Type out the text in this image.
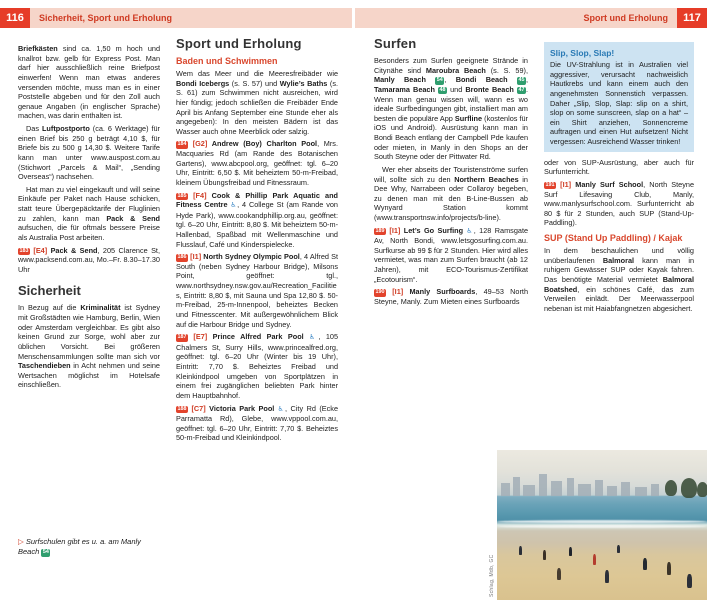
116	Sicherheit, Sport und Erholung	Sport und Erholung	117

Briefkästen sind ca. 1,50 m hoch und knallrot bzw. gelb für Express Post. Man darf hier ausschließlich reine Briefpost einwerfen! Wenn man etwas anderes versenden möchte, muss man es in einer Poststelle abgeben und für den Zoll auch genaue Angaben (in englischer Sprache) machen, was darin enthalten ist.

Das Luftpostporto (ca. 6 Werktage) für einen Brief bis 250 g beträgt 4,10 $, für Briefe bis zu 500 g 14,30 $. Weitere Tarife kann man unter www.auspost.com.au (Stichwort „Parcels & Mail“, „Sending Overseas“) nachsehen.

Hat man zu viel eingekauft und will seine Einkäufe per Paket nach Hause schicken, statt teure Übergepäcktarife der Fluglinien zu zahlen, kann man Pack & Send aufsuchen, die für oftmals bessere Preise als Australia Post arbeiten.

183 [E4] Pack & Send, 205 Clarence St, www.packsend.com.au, Mo.–Fr. 8.30–17.30 Uhr

Sicherheit

In Bezug auf die Kriminalität ist Sydney mit Großstädten wie Hamburg, Berlin, Wien oder Amsterdam vergleichbar. Es gibt also keinen Grund zur Sorge, wohl aber zur üblichen Vorsicht. Bei größeren Menschensammlungen sollte man sich vor Taschendieben in Acht nehmen und seine Wertsachen möglichst im Hotelsafe einschließen.

▷ Surfschulen gibt es u. a. am Manly Beach 54
Sport und Erholung
Baden und Schwimmen

Wem das Meer und die Meeresfreibäder wie Bondi Icebergs (s. S. 57) und Wylie’s Baths (s. S. 61) zum Schwimmen nicht ausreichen, wird hier fündig; jedoch schließen die Freibäder Ende April bis Anfang September eine Stunde eher als angegeben): In den meisten Bädern ist das Wasser auch ohne Meerblick oder salzig.

184 [G2] Andrew (Boy) Charlton Pool, Mrs. Macquaries Rd (am Rande des Botanischen Gartens), www.abcpool.org, geöffnet: tgl. 6–20 Uhr, Eintritt: 6,50 $. Mit beheiztem 50-m-Freibad, kleinem Übungsfreibad und Fitnessraum.

185 [F4] Cook & Phillip Park Aquatic and Fitness Centre ♿, 4 College St (am Rande von Hyde Park), www.cookandphillip.org.au, geöffnet: tgl. 6–20 Uhr, Eintritt: 8,80 $. Mit beheiztem 50-m-Hallenbad, Spaßbad mit Wellenmaschine und Flusslauf, Café und Kinderspielecke.

186 [I1] North Sydney Olympic Pool, 4 Alfred St South (neben Sydney Harbour Bridge), Milsons Point, geöffnet: tgl., www.northsydney.nsw.gov.au/Recreation_Facilities, Eintritt: 8,80 $, mit Sauna und Spa 12,80 $. 50-m-Freibad, 25-m-Innenpool, beheiztes Becken und Fitnesscenter. Mit außergewöhnlichem Blick auf die Harbour Bridge und Sydney.

187 [E7] Prince Alfred Park Pool ♿, 105 Chalmers St, Surry Hills, www.princealfred.org, geöffnet: tgl. 6–20 Uhr (Winter bis 19 Uhr), Eintritt: 7,70 $. Beheiztes Freibad und Kleinkindpool umgeben von Sportplätzen in einem frei zugänglichen beliebten Park hinter dem Hauptbahnhof.

188 [C7] Victoria Park Pool ♿, City Rd (Ecke Parramatta Rd), Glebe, www.vppool.com.au, geöffnet: tgl. 6–20 Uhr, Eintritt: 7,70 $. Beheiztes 50-m-Freibad und Kleinkindpool.

Surfen

Besonders zum Surfen geeignete Strände in Citynähe sind Maroubra Beach (s. S. 59), Manly Beach 54 , Bondi Beach 45 , Tamarama Beach 48 und Bronte Beach 47 . Wenn man genau wissen will, wann es wo ideale Surfbedingungen gibt, installiert man am besten die populäre App Surfline (kostenlos für iOS und Android). Ausrüstung kann man in Bondi Beach entlang der Campbell Pde kaufen oder mieten, in Manly in den Shops an der South Steyne oder der Pittwater Rd.

Wer eher abseits der Touristenströme surfen will, sollte sich zu den Northern Beaches in Dee Why, Narrabeen oder Collaroy begeben, zu denen man mit den B-Line-Bussen ab Wynyard Station kommt (www.transportnsw.info/projects/b-line).

189 [I1] Let’s Go Surfing ♿, 128 Ramsgate Av, North Bondi, www.letsgosurfing.com.au. Surfkurse ab 99 $ für 2 Stunden. Hier wird alles vermietet, was man zum Surfen braucht (ab 12 Jahren), mit ECO-Tourismus-Zertifikat „Ecotourism“.

190 [I1] Manly Surfboards, 49–53 North Steyne, Manly. Zum Mieten eines Surfboards

Slip, Slop, Slap!

Die UV-Strahlung ist in Australien viel aggressiver, verursacht nachweislich Hautkrebs und kann einem auch den angenehmsten Sonnenstich verpassen. Daher „Slip, Slop, Slap: slip on a shirt, slop on some sunscreen, slap on a hat“ – ein Shirt anziehen, Sonnencreme auftragen und einen Hut aufsetzen! Nicht vergessen: Ausreichend Wasser trinken!

oder von SUP-Ausrüstung, aber auch für Surfunterricht.

191 [I1] Manly Surf School, North Steyne Surf Lifesaving Club, Manly, www.manlysurfschool.com. Surfunterricht ab 80 $ für 2 Stunden, auch SUP (Stand-Up-Paddling).

SUP (Stand Up Paddling) / Kajak

In dem beschaulichen und völlig unüberlaufenen Balmoral kann man in ruhigem Gewässer SUP oder Kayak fahren. Das benötigte Material vermietet Balmoral Boatshed, ein schönes Café, das zum Verweilen einlädt. Der Meerwasserpool nebenan ist mit Haiabfangnetzen abgesichert.

Schlag, Mdb, GC
